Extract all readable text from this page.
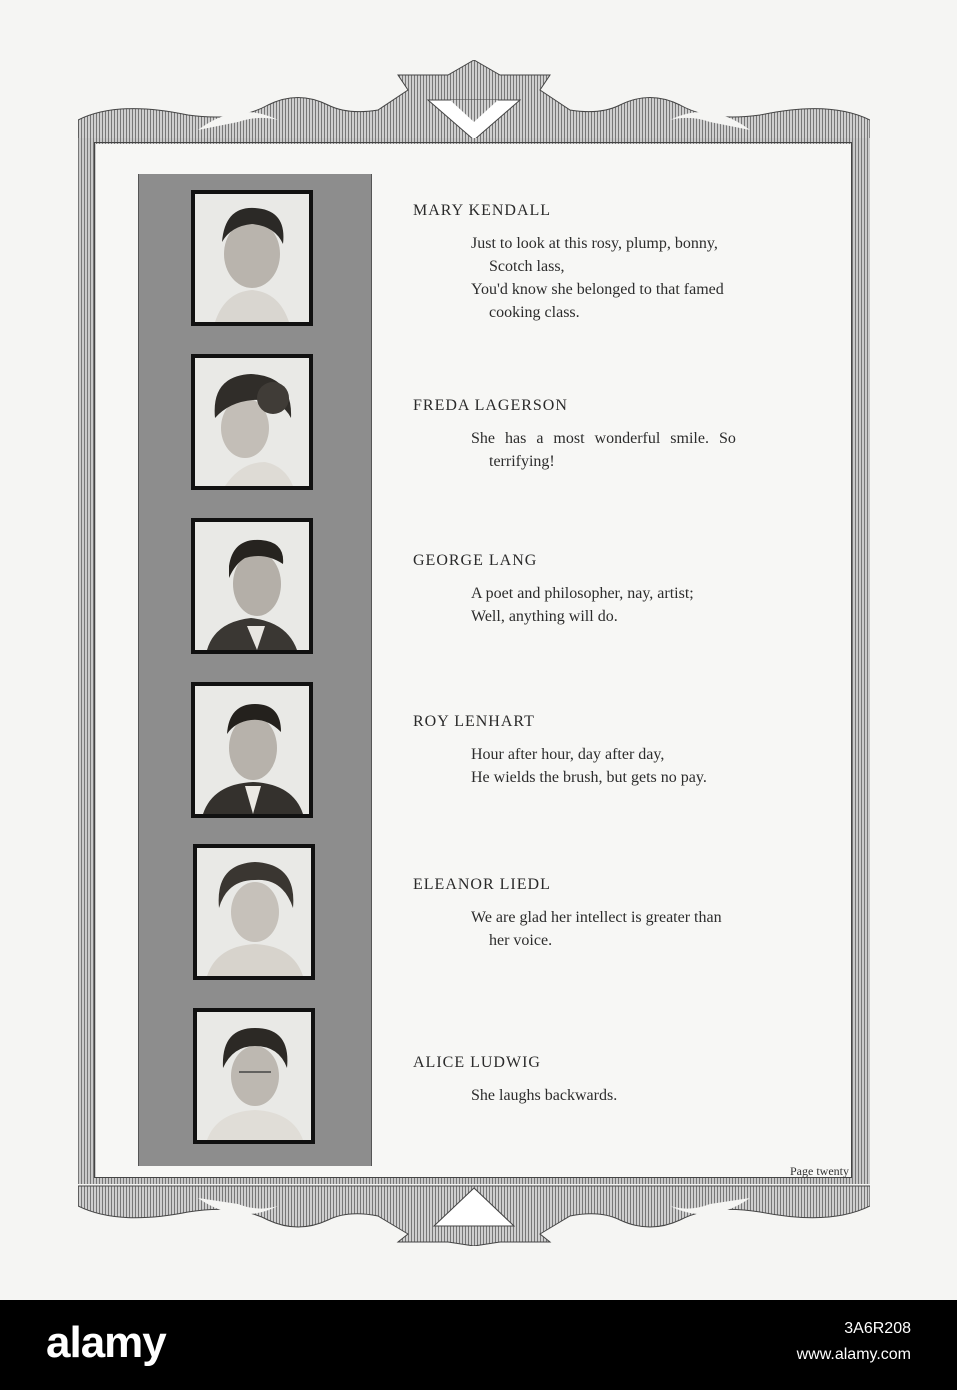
MARY KENDALL

Just to look at this rosy, plump, bonny,
Scotch lass,
You'd know she belonged to that famed
cooking class.

FREDA LAGERSON

She has a most wonderful smile. So
terrifying!

GEORGE LANG

A poet and philosopher, nay, artist;
Well, anything will do.

ROY LENHART

Hour after hour, day after day,
He wields the brush, but gets no pay.

ELEANOR LIEDL

We are glad her intellect is greater than
her voice.

ALICE LUDWIG

She laughs backwards.
Page twenty
alamy	3A6R208
www.alamy.com
